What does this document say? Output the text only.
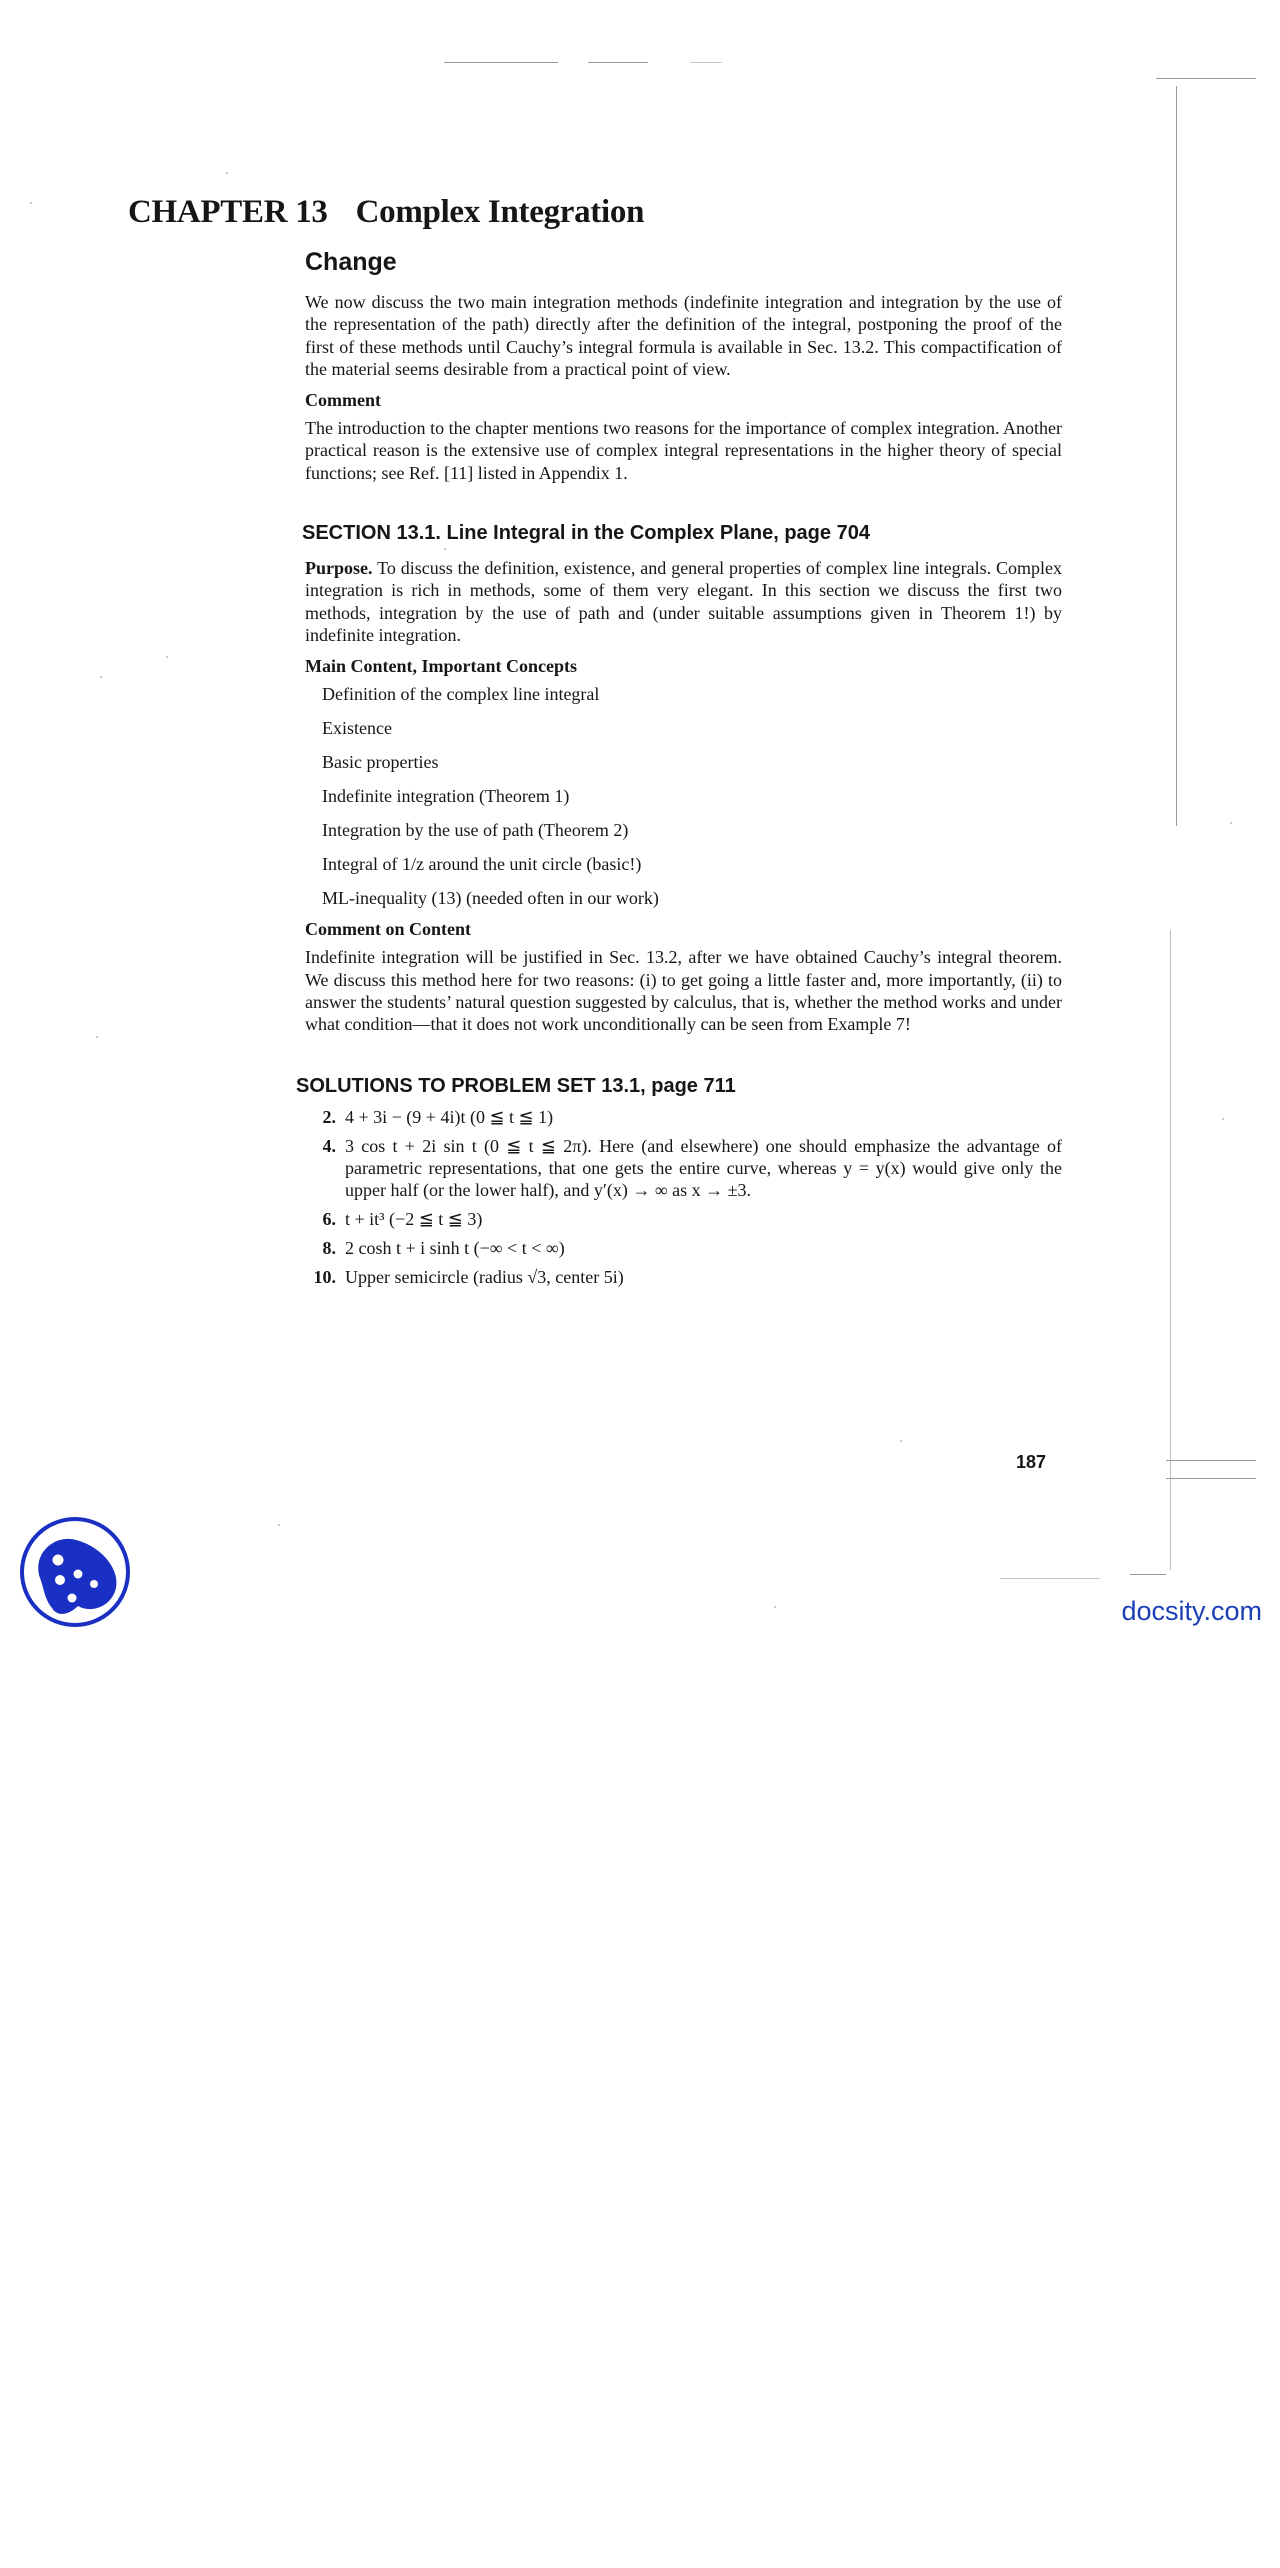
CHAPTER 13 Complex Integration
Change

We now discuss the two main integration methods (indefinite integration and integration by the use of the representation of the path) directly after the definition of the integral, postponing the proof of the first of these methods until Cauchy’s integral formula is available in Sec. 13.2. This compactification of the material seems desirable from a practical point of view.

Comment

The introduction to the chapter mentions two reasons for the importance of complex integration. Another practical reason is the extensive use of complex integral representations in the higher theory of special functions; see Ref. [11] listed in Appendix 1.

SECTION 13.1. Line Integral in the Complex Plane, page 704

Purpose. To discuss the definition, existence, and general properties of complex line integrals. Complex integration is rich in methods, some of them very elegant. In this section we discuss the first two methods, integration by the use of path and (under suitable assumptions given in Theorem 1!) by indefinite integration.

Main Content, Important Concepts
Definition of the complex line integral
Existence
Basic properties
Indefinite integration (Theorem 1)
Integration by the use of path (Theorem 2)
Integral of 1/z around the unit circle (basic!)
ML-inequality (13) (needed often in our work)
Comment on Content

Indefinite integration will be justified in Sec. 13.2, after we have obtained Cauchy’s integral theorem. We discuss this method here for two reasons: (i) to get going a little faster and, more importantly, (ii) to answer the students’ natural question suggested by calculus, that is, whether the method works and under what condition—that it does not work unconditionally can be seen from Example 7!

SOLUTIONS TO PROBLEM SET 13.1, page 711
2. 4 + 3i − (9 + 4i)t (0 ≦ t ≦ 1)
4. 3 cos t + 2i sin t (0 ≦ t ≦ 2π). Here (and elsewhere) one should emphasize the advantage of parametric representations, that one gets the entire curve, whereas y = y(x) would give only the upper half (or the lower half), and y′(x) → ∞ as x → ±3.
6. t + it³ (−2 ≦ t ≦ 3)
8. 2 cosh t + i sinh t (−∞ < t < ∞)
10. Upper semicircle (radius √3, center 5i)
187
docsity.com
